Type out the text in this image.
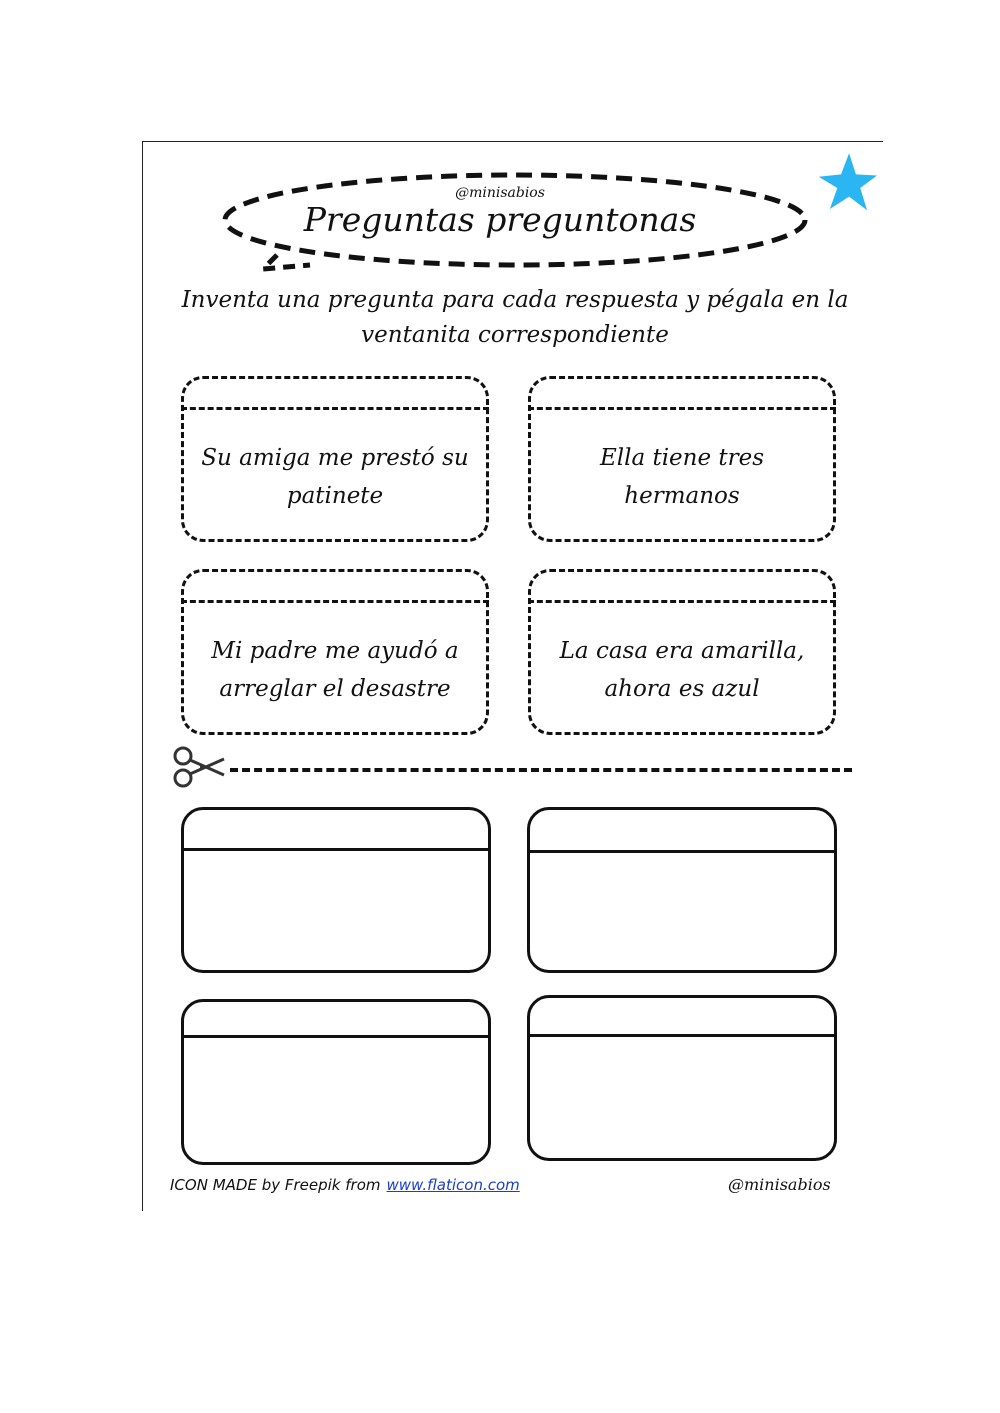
@minisabios
Preguntas preguntonas
Inventa una pregunta para cada respuesta y pégala en la
ventanita correspondiente
Su amiga me prestó su
patinete
Ella tiene tres
hermanos
Mi padre me ayudó a
arreglar el desastre
La casa era amarilla,
ahora es azul
ICON MADE by Freepik from www.flaticon.com	@minisabios
